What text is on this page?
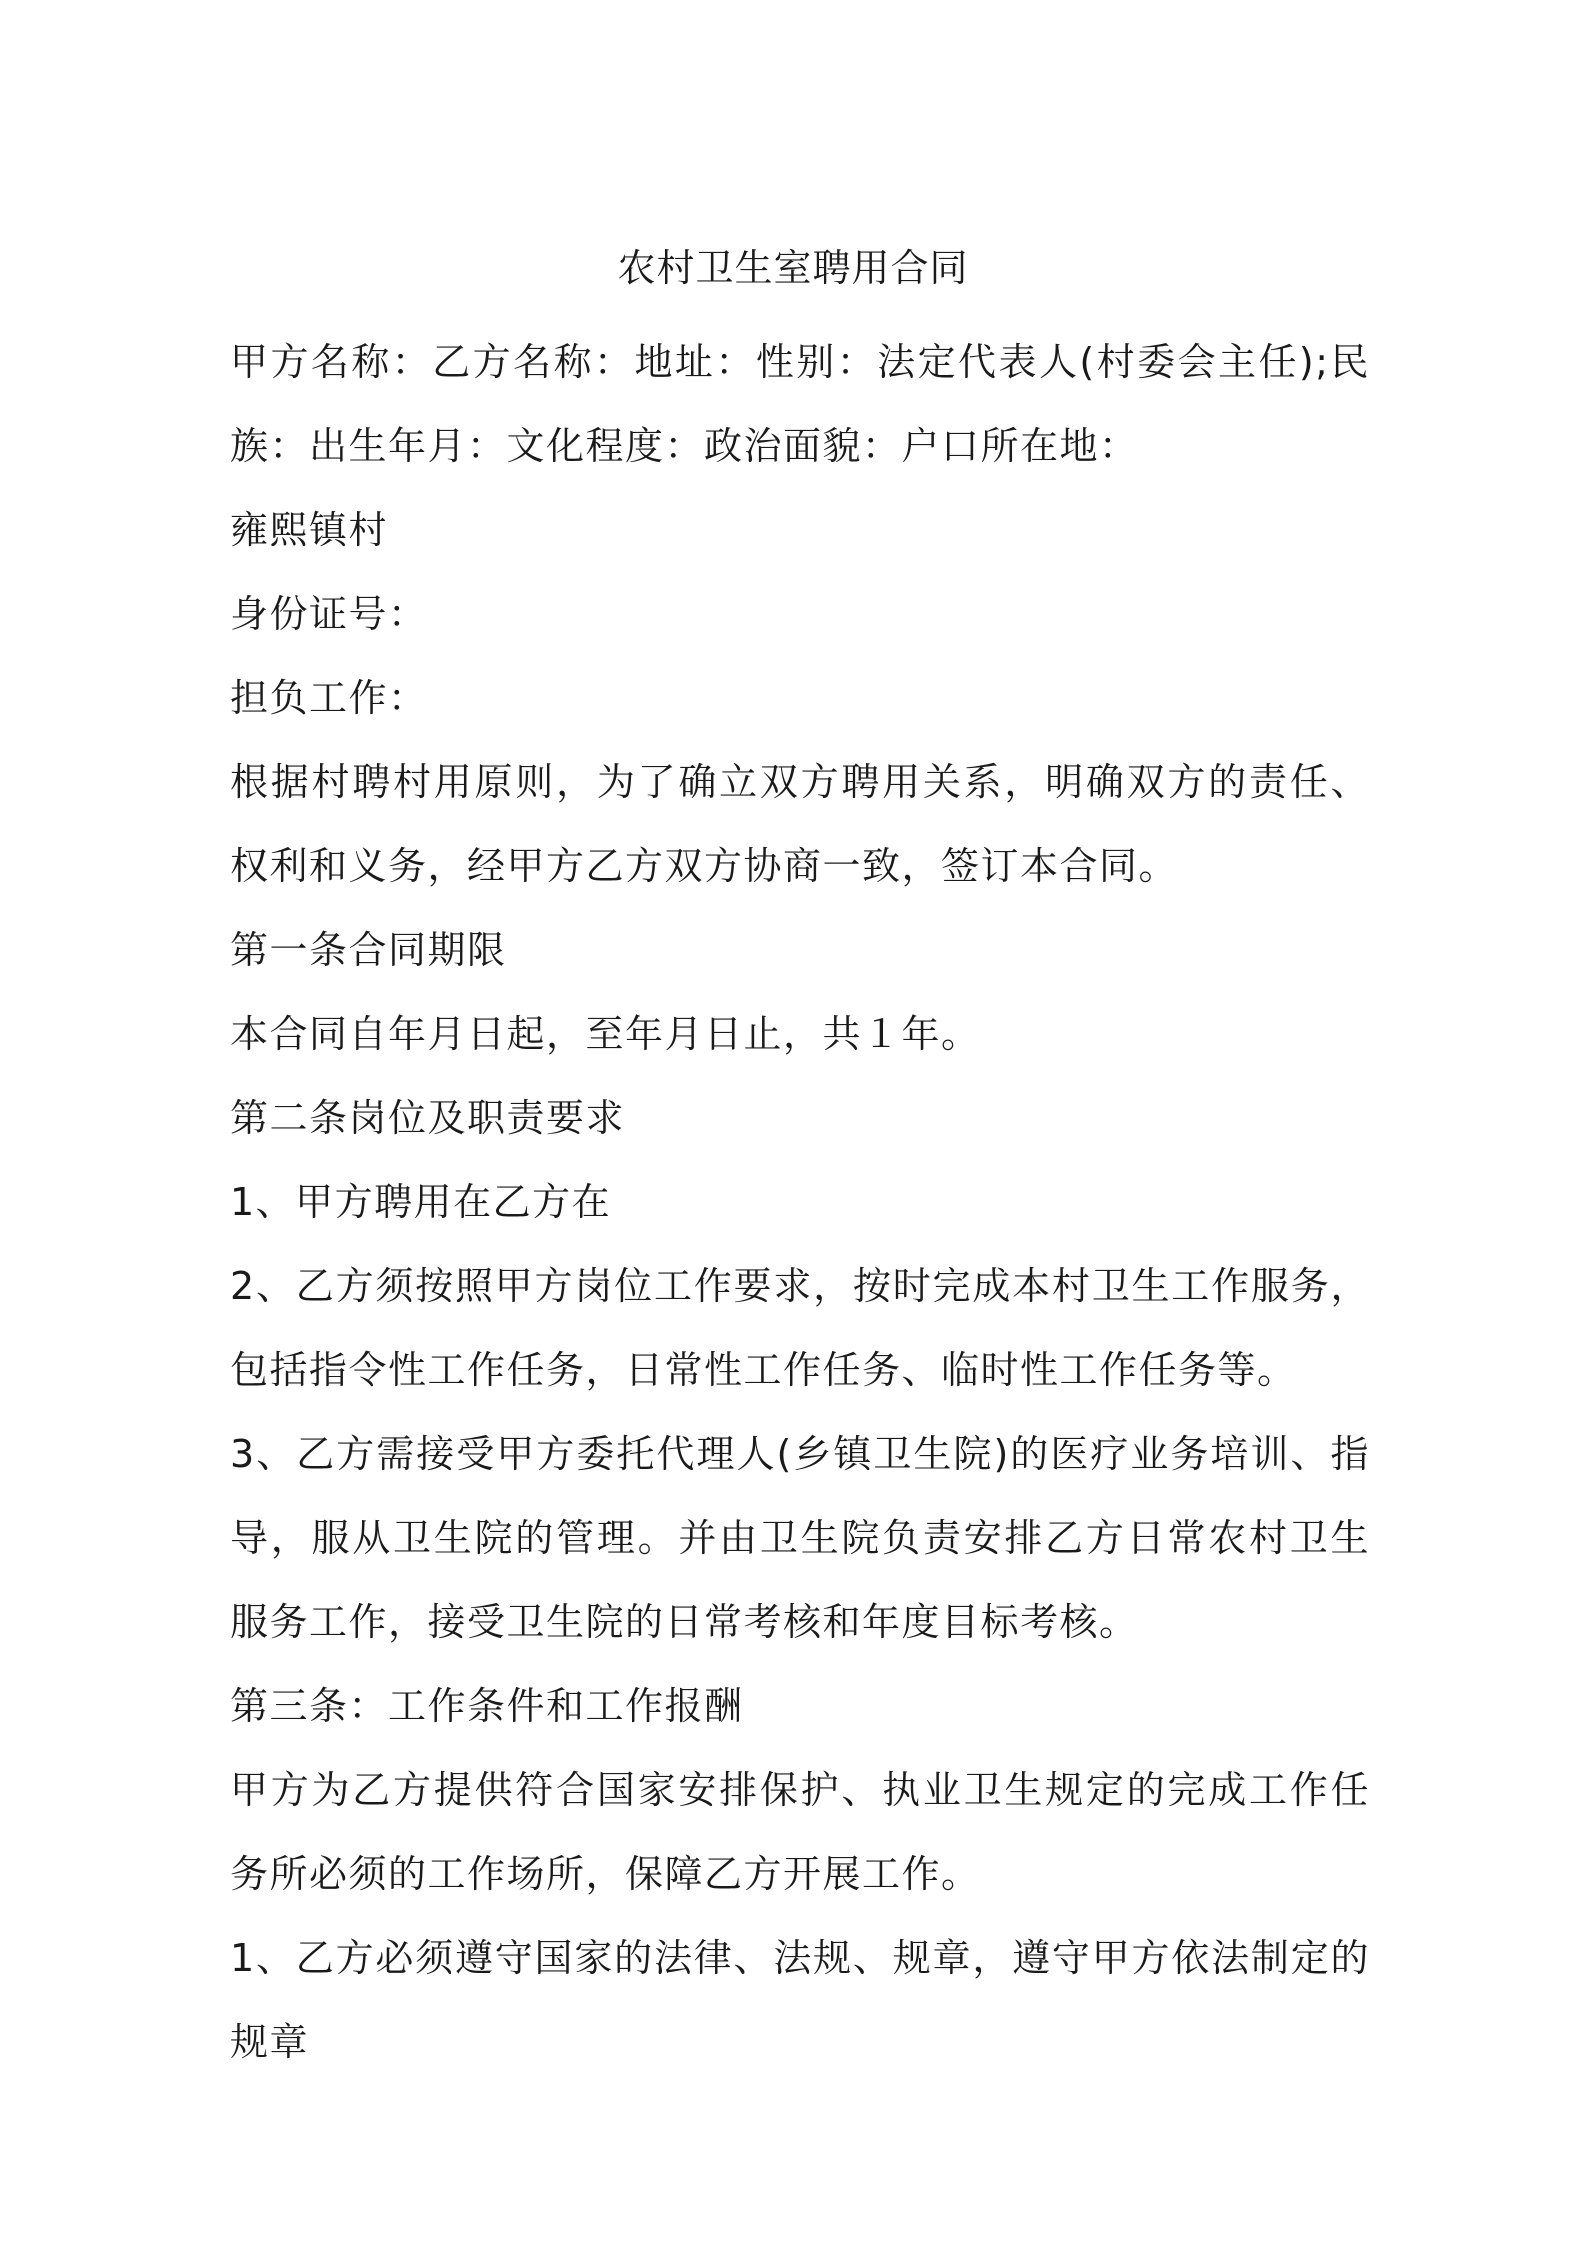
农村卫生室聘用合同

甲方名称：乙方名称：地址：性别：法定代表人(村委会主任);民族：出生年月：文化程度：政治面貌：户口所在地：

雍熙镇村

身份证号：

担负工作：

根据村聘村用原则，为了确立双方聘用关系，明确双方的责任、权利和义务，经甲方乙方双方协商一致，签订本合同。

第一条合同期限

本合同自年月日起，至年月日止，共１年。

第二条岗位及职责要求

1、甲方聘用在乙方在

2、乙方须按照甲方岗位工作要求，按时完成本村卫生工作服务，包括指令性工作任务，日常性工作任务、临时性工作任务等。

3、乙方需接受甲方委托代理人(乡镇卫生院)的医疗业务培训、指导，服从卫生院的管理。并由卫生院负责安排乙方日常农村卫生服务工作，接受卫生院的日常考核和年度目标考核。

第三条：工作条件和工作报酬

甲方为乙方提供符合国家安排保护、执业卫生规定的完成工作任务所必须的工作场所，保障乙方开展工作。

1、乙方必须遵守国家的法律、法规、规章，遵守甲方依法制定的规章
